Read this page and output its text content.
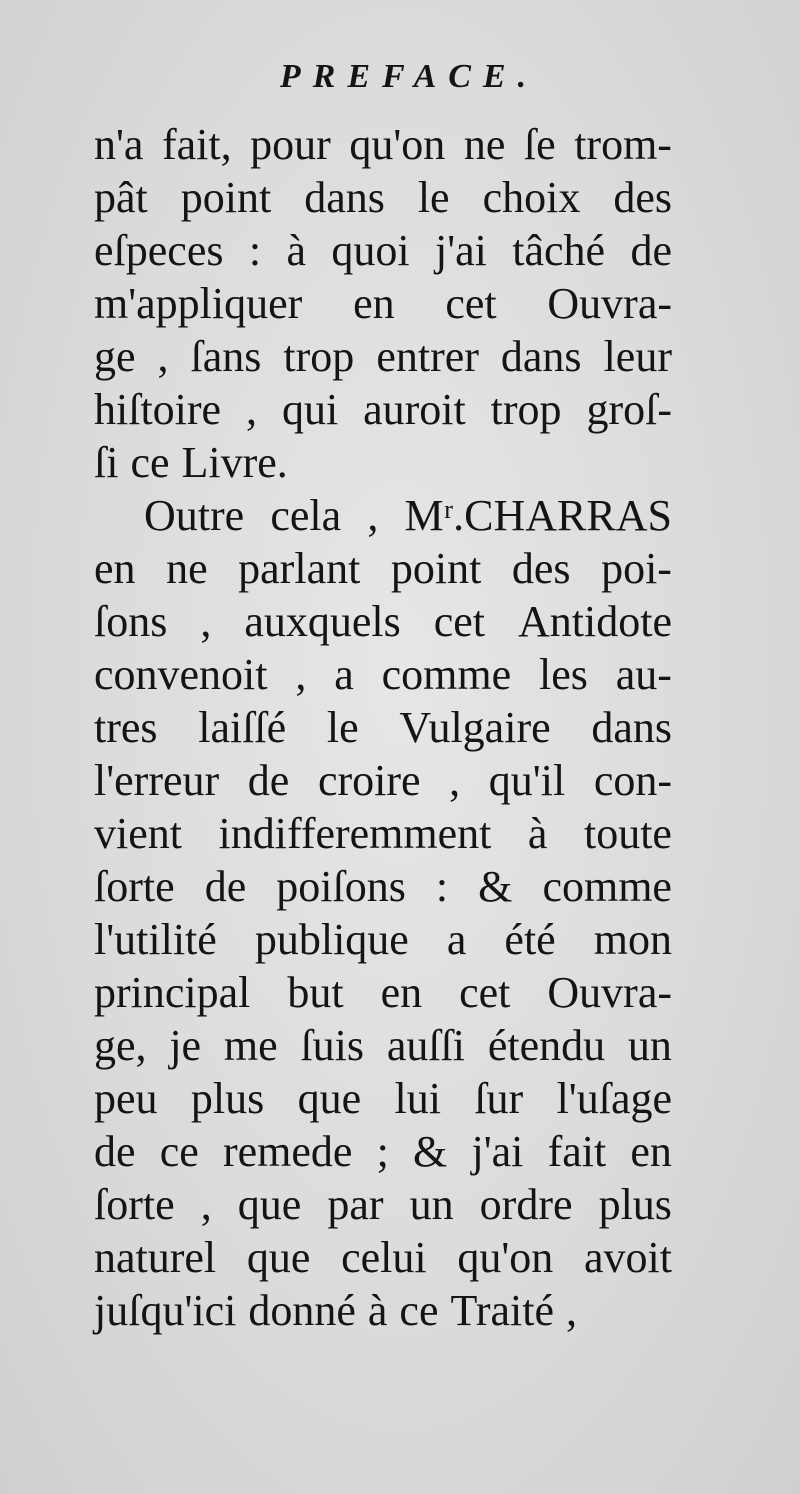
PREFACE.
n'a fait, pour qu'on ne ſe trom-
pât point dans le choix des
eſpeces : à quoi j'ai tâché de
m'appliquer en cet Ouvra-
ge , ſans trop entrer dans leur
hiſtoire , qui auroit trop groſ-
ſi ce Livre.
Outre cela , Mʳ.CHARRAS
en ne parlant point des poi-
ſons , auxquels cet Antidote
convenoit , a comme les au-
tres laiſſé le Vulgaire dans
l'erreur de croire , qu'il con-
vient indifferemment à toute
ſorte de poiſons : & comme
l'utilité publique a été mon
principal but en cet Ouvra-
ge, je me ſuis auſſi étendu un
peu plus que lui ſur l'uſage
de ce remede ; & j'ai fait en
ſorte , que par un ordre plus
naturel que celui qu'on avoit
juſqu'ici donné à ce Traité ,
